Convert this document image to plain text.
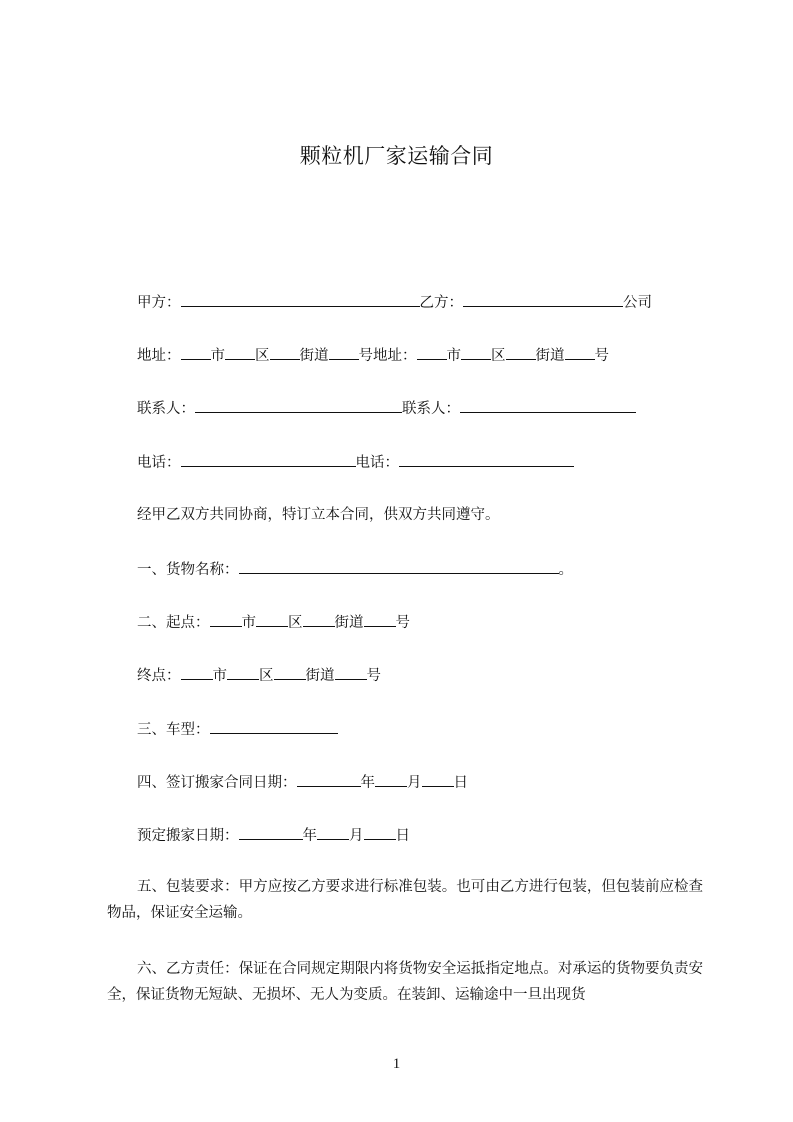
颗粒机厂家运输合同
甲方：	乙方：	公司
地址： 市 区 街道 号地址： 市 区 街道 号
联系人：	联系人：
电话：	电话：
经甲乙双方共同协商，特订立本合同，供双方共同遵守。
一、货物名称：	。
二、起点： 市 区 街道 号
终点： 市 区 街道 号
三、车型：
四、签订搬家合同日期：	年 月 日
预定搬家日期：	年 月 日
五、包装要求：甲方应按乙方要求进行标准包装。也可由乙方进行包装，但包装前应检查物品，保证安全运输。
六、乙方责任：保证在合同规定期限内将货物安全运抵指定地点。对承运的货物要负责安全，保证货物无短缺、无损坏、无人为变质。在装卸、运输途中一旦出现货
1
